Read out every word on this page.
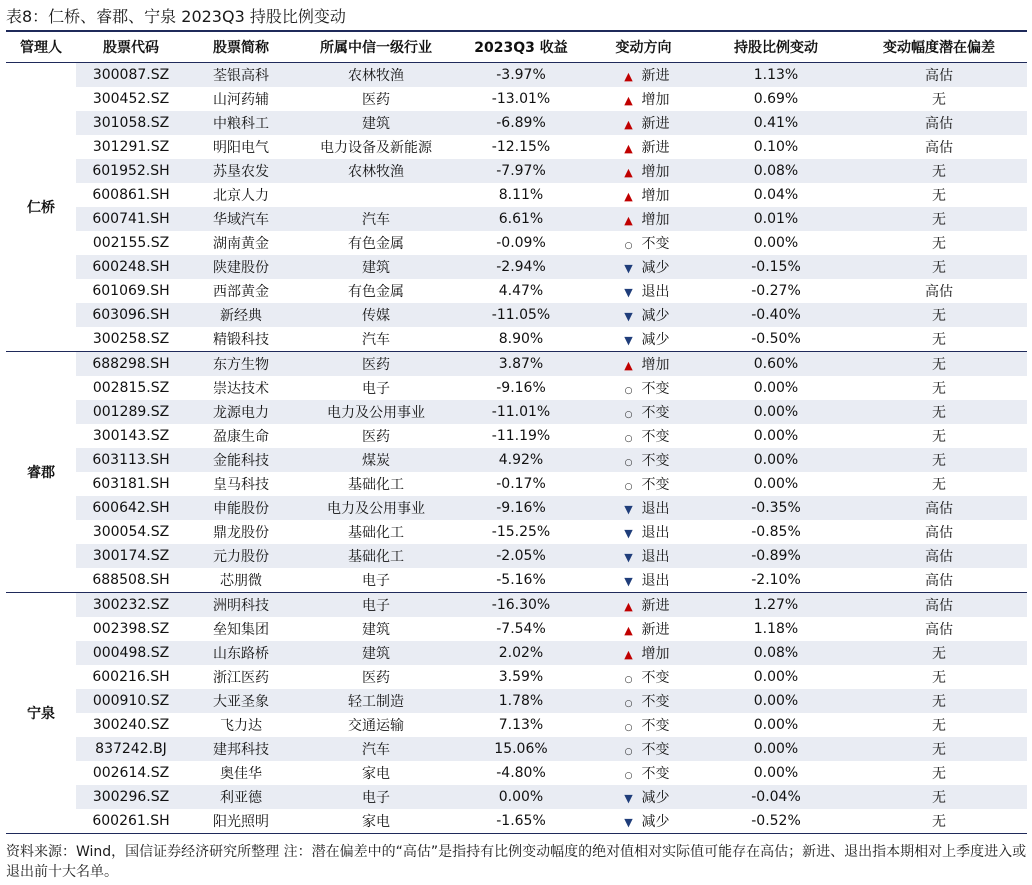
表8：仁桥、睿郡、宁泉 2023Q3 持股比例变动
管理人	股票代码	股票简称	所属中信一级行业	2023Q3 收益	变动方向	持股比例变动	变动幅度潜在偏差
仁桥	300087.SZ	荃银高科	农林牧渔	-3.97%	▲ 新进	1.13%	高估
	300452.SZ	山河药辅	医药	-13.01%	▲ 增加	0.69%	无
	301058.SZ	中粮科工	建筑	-6.89%	▲ 新进	0.41%	高估
	301291.SZ	明阳电气	电力设备及新能源	-12.15%	▲ 新进	0.10%	高估
	601952.SH	苏垦农发	农林牧渔	-7.97%	▲ 增加	0.08%	无
	600861.SH	北京人力		8.11%	▲ 增加	0.04%	无
	600741.SH	华域汽车	汽车	6.61%	▲ 增加	0.01%	无
	002155.SZ	湖南黄金	有色金属	-0.09%	○ 不变	0.00%	无
	600248.SH	陕建股份	建筑	-2.94%	▼ 减少	-0.15%	无
	601069.SH	西部黄金	有色金属	4.47%	▼ 退出	-0.27%	高估
	603096.SH	新经典	传媒	-11.05%	▼ 减少	-0.40%	无
	300258.SZ	精锻科技	汽车	8.90%	▼ 减少	-0.50%	无
睿郡	688298.SH	东方生物	医药	3.87%	▲ 增加	0.60%	无
	002815.SZ	崇达技术	电子	-9.16%	○ 不变	0.00%	无
	001289.SZ	龙源电力	电力及公用事业	-11.01%	○ 不变	0.00%	无
	300143.SZ	盈康生命	医药	-11.19%	○ 不变	0.00%	无
	603113.SH	金能科技	煤炭	4.92%	○ 不变	0.00%	无
	603181.SH	皇马科技	基础化工	-0.17%	○ 不变	0.00%	无
	600642.SH	申能股份	电力及公用事业	-9.16%	▼ 退出	-0.35%	高估
	300054.SZ	鼎龙股份	基础化工	-15.25%	▼ 退出	-0.85%	高估
	300174.SZ	元力股份	基础化工	-2.05%	▼ 退出	-0.89%	高估
	688508.SH	芯朋微	电子	-5.16%	▼ 退出	-2.10%	高估
宁泉	300232.SZ	洲明科技	电子	-16.30%	▲ 新进	1.27%	高估
	002398.SZ	垒知集团	建筑	-7.54%	▲ 新进	1.18%	高估
	000498.SZ	山东路桥	建筑	2.02%	▲ 增加	0.08%	无
	600216.SH	浙江医药	医药	3.59%	○ 不变	0.00%	无
	000910.SZ	大亚圣象	轻工制造	1.78%	○ 不变	0.00%	无
	300240.SZ	飞力达	交通运输	7.13%	○ 不变	0.00%	无
	837242.BJ	建邦科技	汽车	15.06%	○ 不变	0.00%	无
	002614.SZ	奥佳华	家电	-4.80%	○ 不变	0.00%	无
	300296.SZ	利亚德	电子	0.00%	▼ 减少	-0.04%	无
	600261.SH	阳光照明	家电	-1.65%	▼ 减少	-0.52%	无
资料来源：Wind，国信证券经济研究所整理 注：潜在偏差中的“高估”是指持有比例变动幅度的绝对值相对实际值可能存在高估；新进、退出指本期相对上季度进入或退出前十大名单。
